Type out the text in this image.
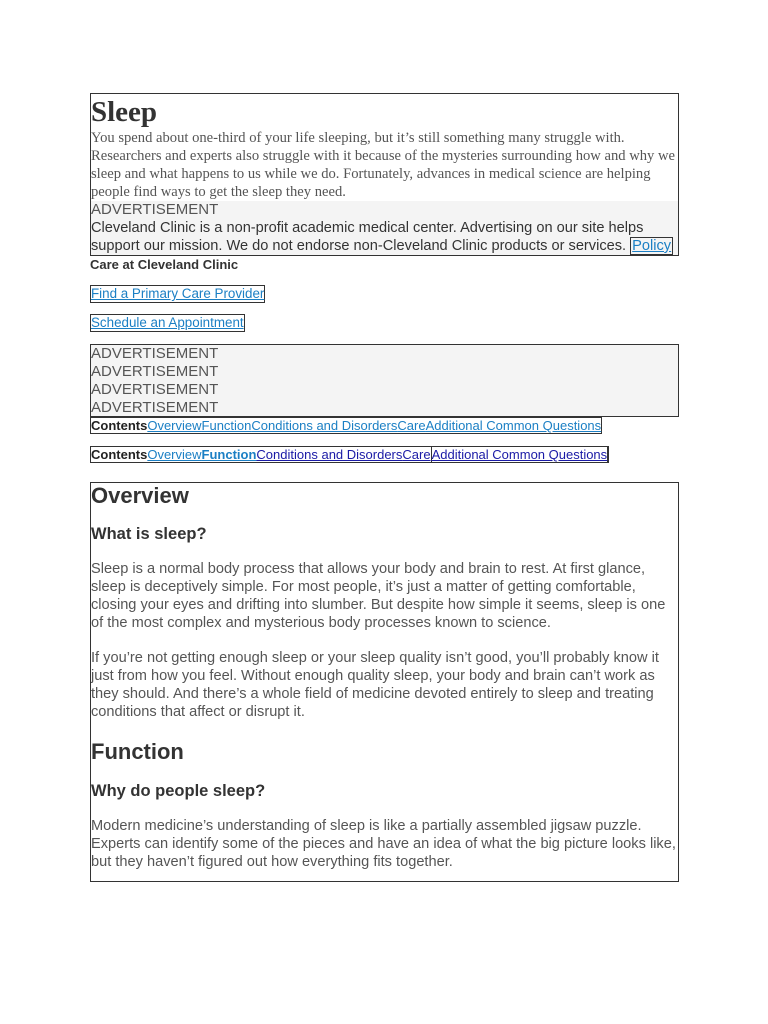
Sleep

You spend about one-third of your life sleeping, but it’s still something many struggle with. Researchers and experts also struggle with it because of the mysteries surrounding how and why we sleep and what happens to us while we do. Fortunately, advances in medical science are helping people find ways to get the sleep they need.

ADVERTISEMENT
Cleveland Clinic is a non-profit academic medical center. Advertising on our site helps support our mission. We do not endorse non-Cleveland Clinic products or services. Policy
Care at Cleveland Clinic
Find a Primary Care Provider
Schedule an Appointment
ADVERTISEMENT
ADVERTISEMENT
ADVERTISEMENT
ADVERTISEMENT
ContentsOverviewFunctionConditions and DisordersCareAdditional Common Questions
ContentsOverviewFunctionConditions and DisordersCareAdditional Common Questions
Overview
What is sleep?

Sleep is a normal body process that allows your body and brain to rest. At first glance, sleep is deceptively simple. For most people, it’s just a matter of getting comfortable, closing your eyes and drifting into slumber. But despite how simple it seems, sleep is one of the most complex and mysterious body processes known to science.

If you’re not getting enough sleep or your sleep quality isn’t good, you’ll probably know it just from how you feel. Without enough quality sleep, your body and brain can’t work as they should. And there’s a whole field of medicine devoted entirely to sleep and treating conditions that affect or disrupt it.

Function
Why do people sleep?

Modern medicine’s understanding of sleep is like a partially assembled jigsaw puzzle. Experts can identify some of the pieces and have an idea of what the big picture looks like, but they haven’t figured out how everything fits together.
